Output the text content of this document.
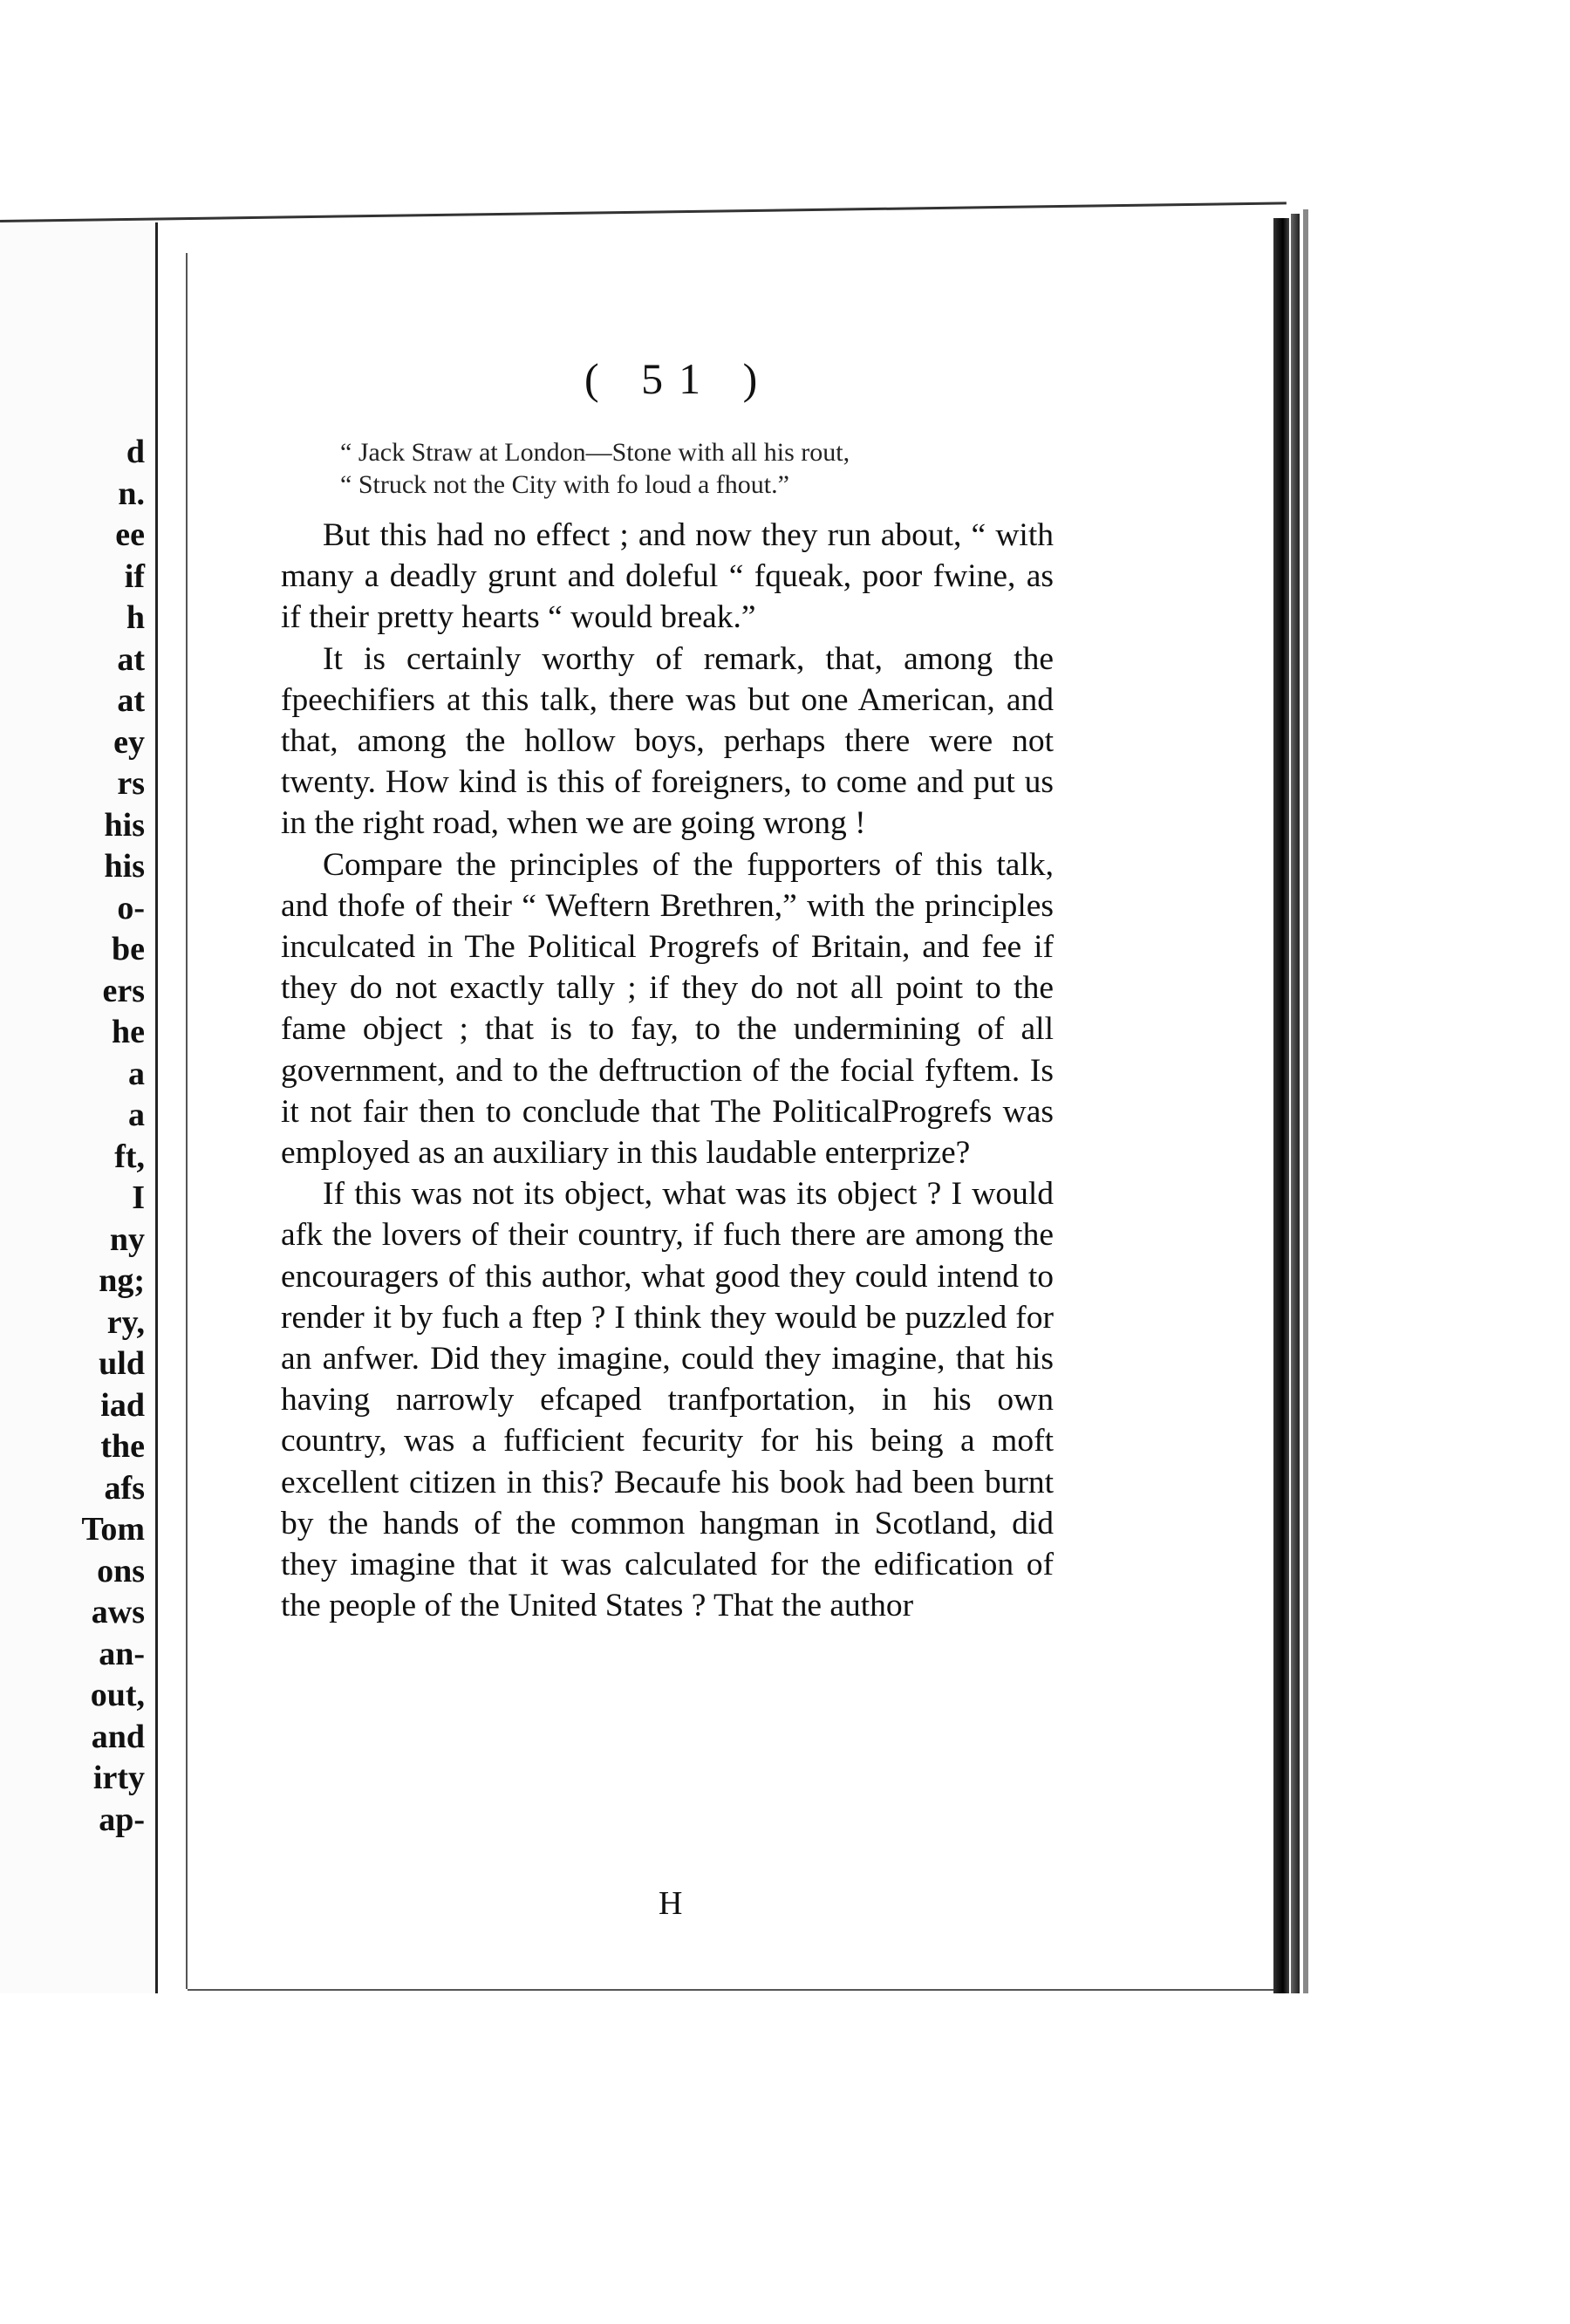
d
n.
ee
if
h
at
at
ey
rs
his
his
o-
be
ers
he
a
a
ft,
I
ny
ng;
ry,
uld
iad
the
afs
Tom
ons
aws
an-
out,
and
irty
ap-
( 51 )
“ Jack Straw at London—Stone with all his rout,
“ Struck not the City with fo loud a fhout.”

But this had no effect ; and now they run about, “ with many a deadly grunt and doleful “ fqueak, poor fwine, as if their pretty hearts “ would break.”

It is certainly worthy of remark, that, among the fpeechifiers at this talk, there was but one American, and that, among the hollow boys, perhaps there were not twenty. How kind is this of foreigners, to come and put us in the right road, when we are going wrong !

Compare the principles of the fupporters of this talk, and thofe of their “ Weftern Brethren,” with the principles inculcated in The Political Progrefs of Britain, and fee if they do not exactly tally ; if they do not all point to the fame object ; that is to fay, to the undermining of all government, and to the deftruction of the focial fyftem. Is it not fair then to conclude that The PoliticalProgrefs was employed as an auxiliary in this laudable enterprize?

If this was not its object, what was its object ? I would afk the lovers of their country, if fuch there are among the encouragers of this author, what good they could intend to render it by fuch a ftep ? I think they would be puzzled for an anfwer. Did they imagine, could they imagine, that his having narrowly efcaped tranfportation, in his own country, was a fufficient fecurity for his being a moft excellent citizen in this? Becaufe his book had been burnt by the hands of the common hangman in Scotland, did they imagine that it was calculated for the edification of the people of the United States ? That the author

H
